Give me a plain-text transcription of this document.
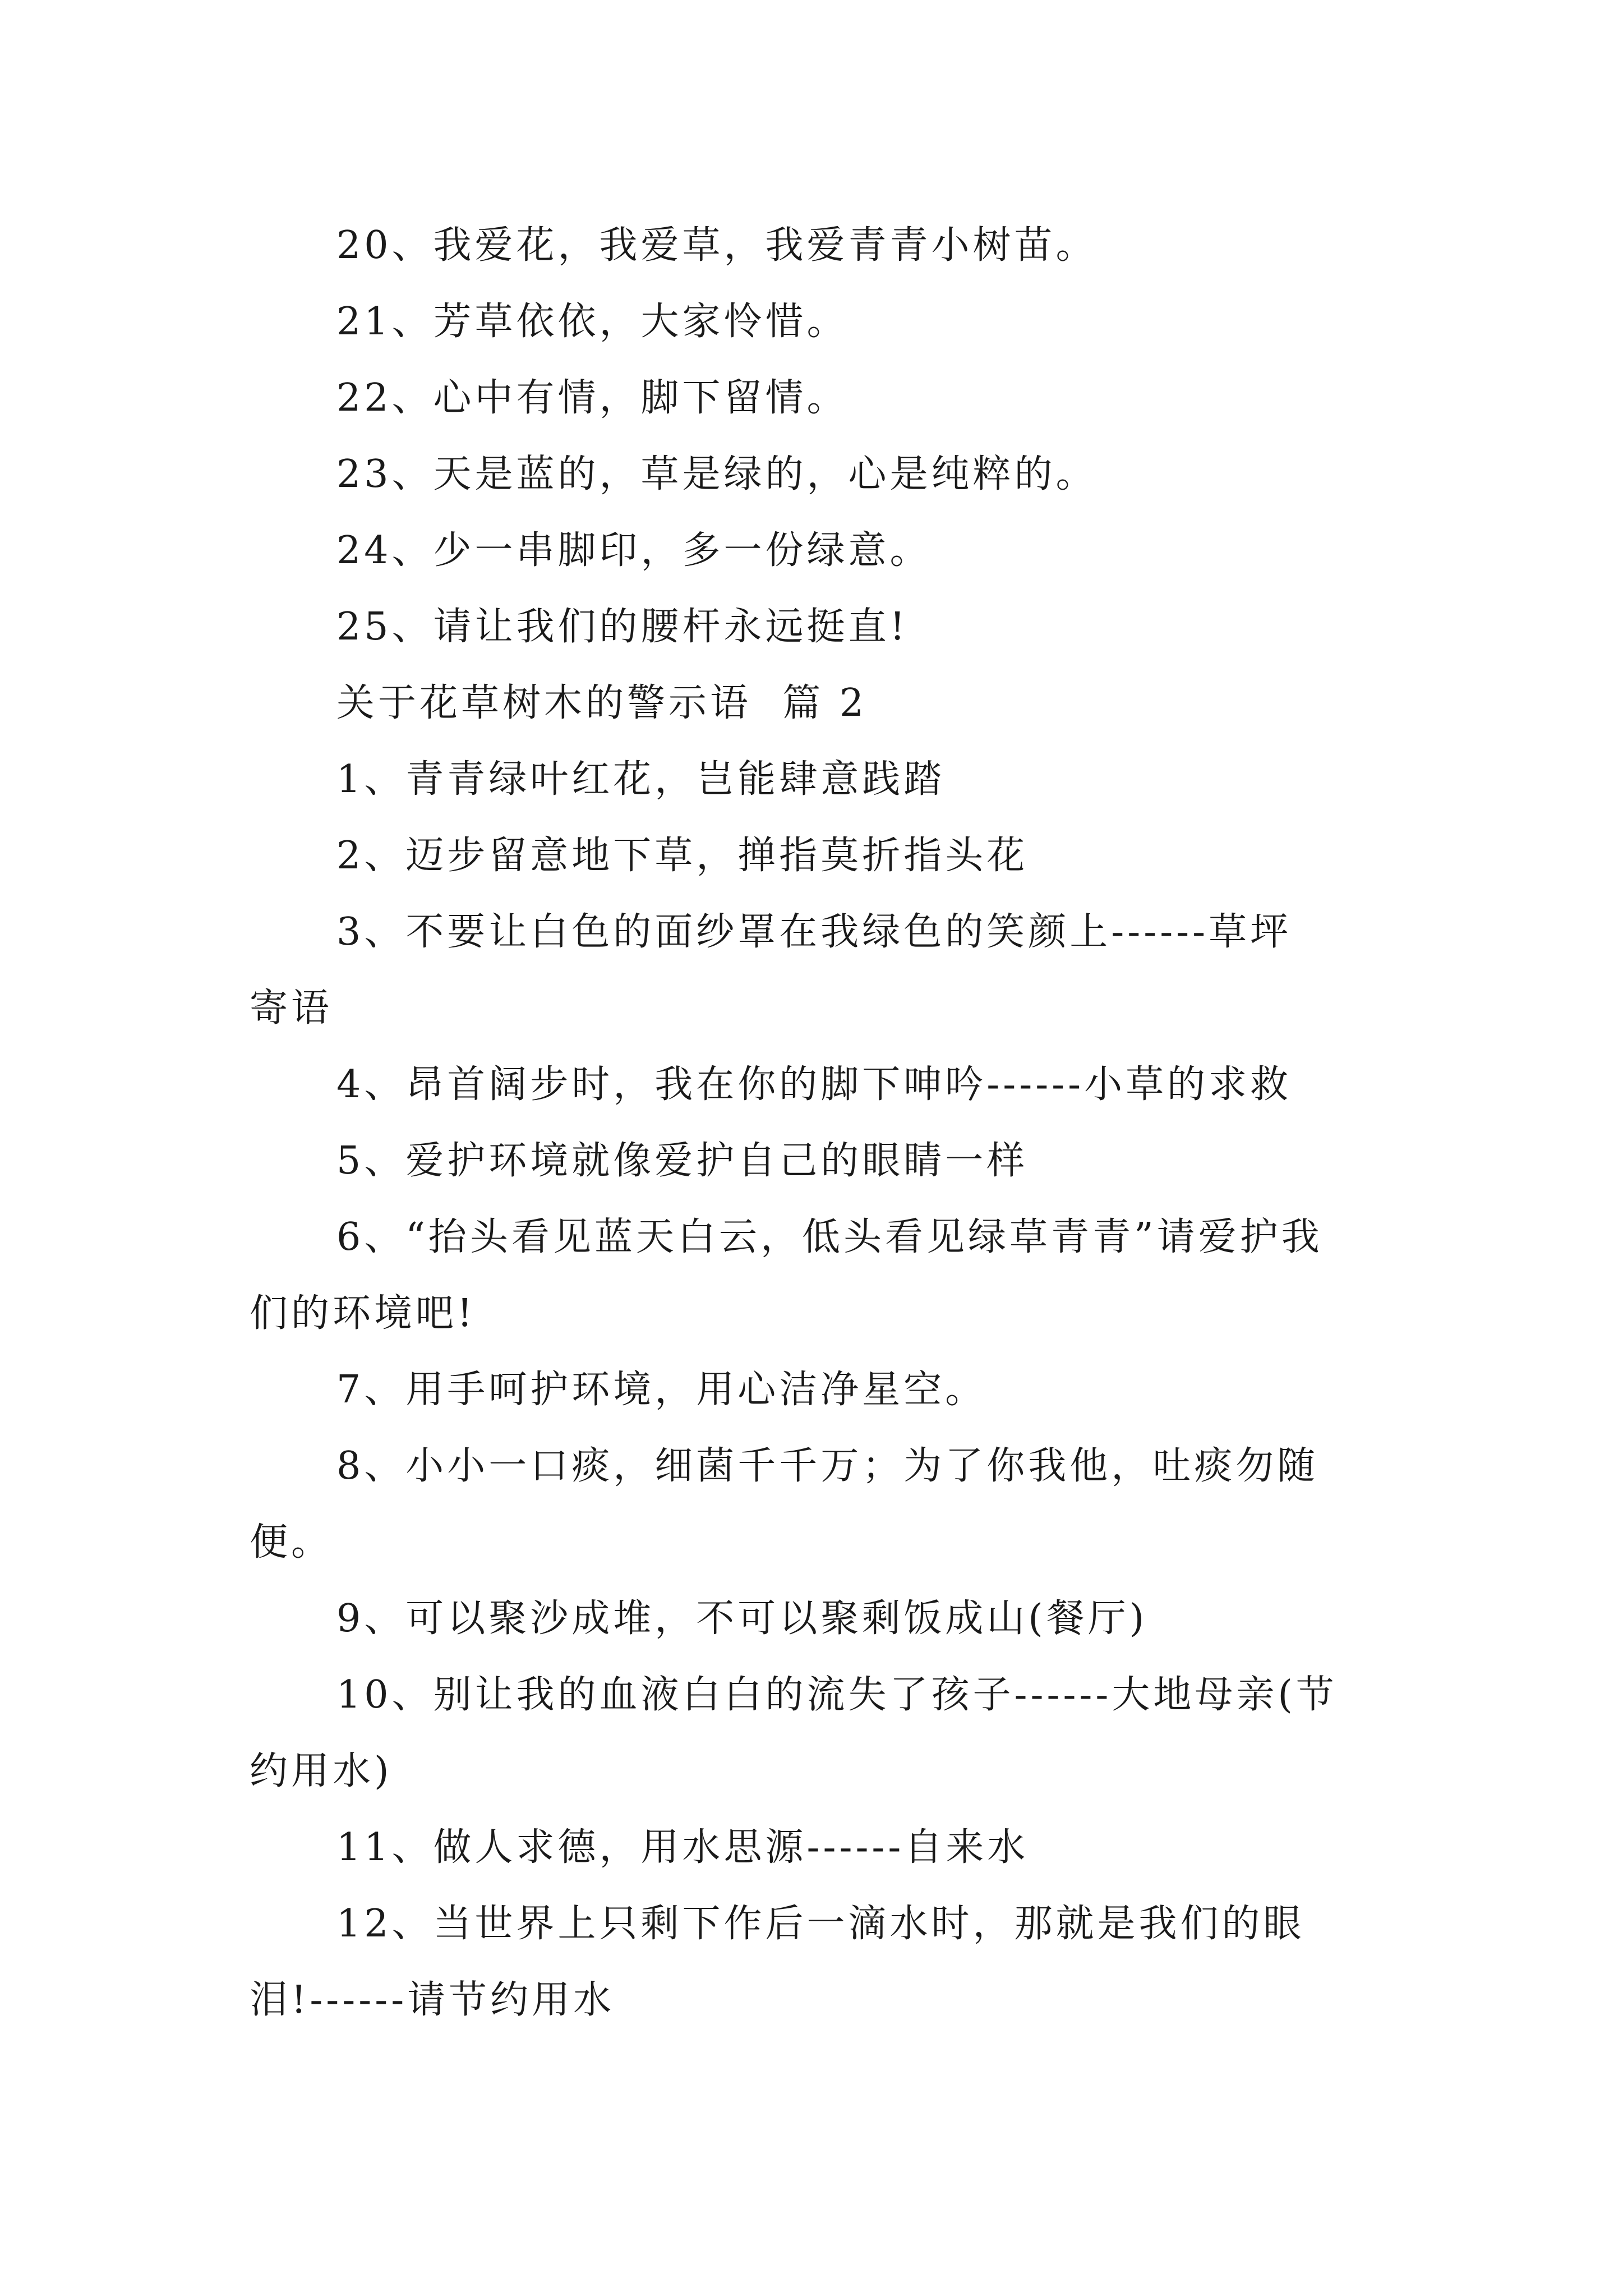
20、我爱花，我爱草，我爱青青小树苗。

21、芳草依依，大家怜惜。

22、心中有情，脚下留情。

23、天是蓝的，草是绿的，心是纯粹的。

24、少一串脚印，多一份绿意。

25、请让我们的腰杆永远挺直!

关于花草树木的警示语  篇 2

1、青青绿叶红花，岂能肆意践踏

2、迈步留意地下草，掸指莫折指头花

3、不要让白色的面纱罩在我绿色的笑颜上------草坪

寄语

4、昂首阔步时，我在你的脚下呻吟------小草的求救

5、爱护环境就像爱护自己的眼睛一样

6、“抬头看见蓝天白云，低头看见绿草青青”请爱护我

们的环境吧!

7、用手呵护环境，用心洁净星空。

8、小小一口痰，细菌千千万；为了你我他，吐痰勿随

便。

9、可以聚沙成堆，不可以聚剩饭成山(餐厅)

10、别让我的血液白白的流失了孩子------大地母亲(节

约用水)

11、做人求德，用水思源------自来水

12、当世界上只剩下作后一滴水时，那就是我们的眼

泪!------请节约用水
